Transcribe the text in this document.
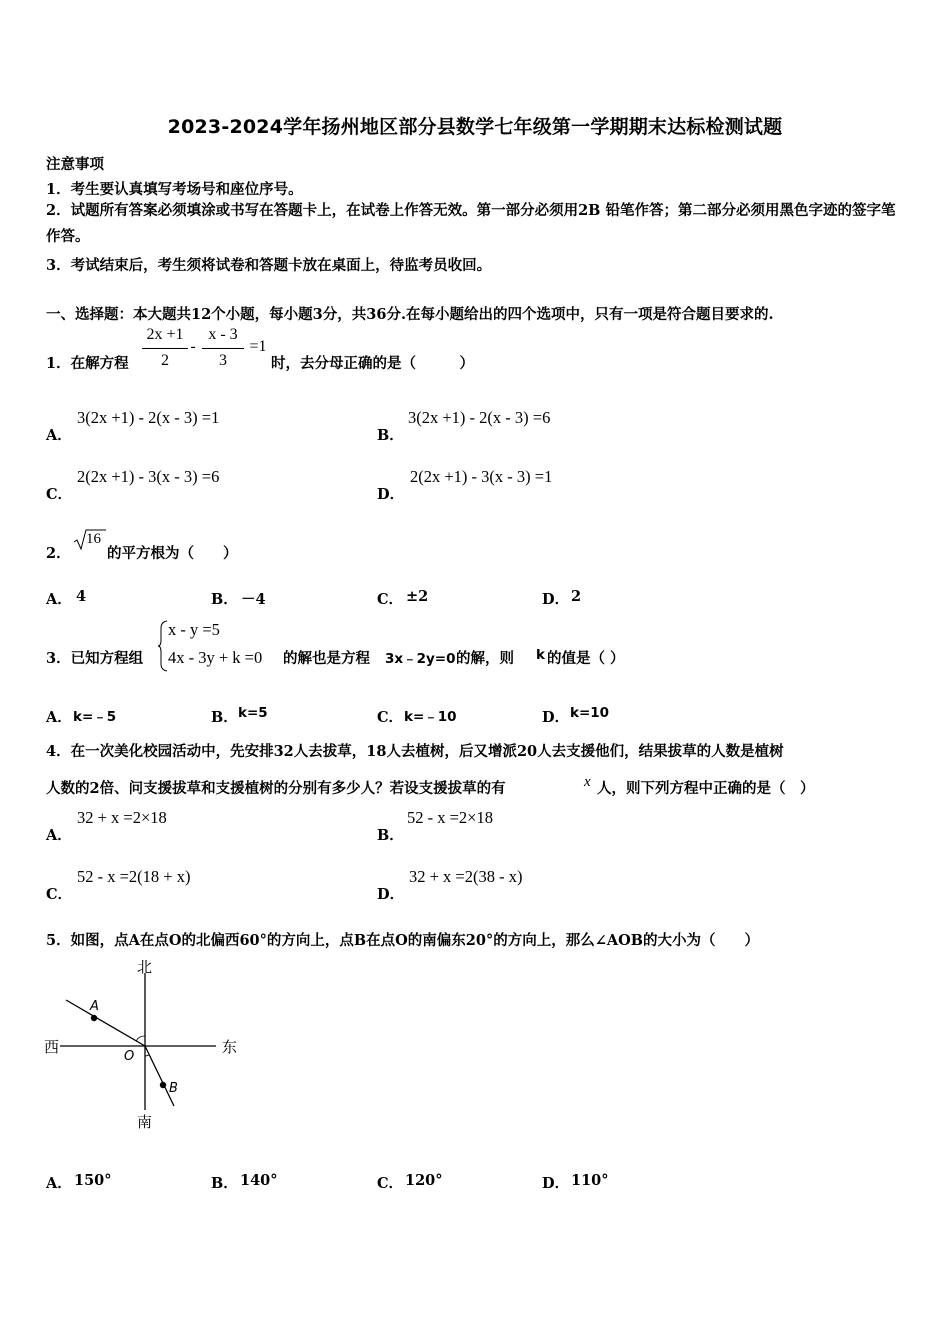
2023-2024学年扬州地区部分县数学七年级第一学期期末达标检测试题
注意事项
1．考生要认真填写考场号和座位序号。
2．试题所有答案必须填涂或书写在答题卡上，在试卷上作答无效。第一部分必须用2B 铅笔作答；第二部分必须用黑色字迹的签字笔作答。
3．考试结束后，考生须将试卷和答题卡放在桌面上，待监考员收回。
一、选择题：本大题共12个小题，每小题3分，共36分.在每小题给出的四个选项中，只有一项是符合题目要求的.
1．在解方程
2x +1
2
-
x - 3
3
=1
时，去分母正确的是（　　　）
A．
3(2x +1) - 2(x - 3) =1
B．
3(2x +1) - 2(x - 3) =6
C．
2(2x +1) - 3(x - 3) =6
D．
2(2x +1) - 3(x - 3) =1
2．
16
的平方根为（　　）
A． 4	B． －4	C． ±2	D． 2
3．已知方程组
x - y =5
4x - 3y + k =0 的解也是方程 3x﹣2y=0 的解，则 k 的值是（ ）
A． k=﹣5	B． k=5	C． k=﹣10	D． k=10
4．在一次美化校园活动中，先安排32人去拔草，18人去植树，后又增派20人去支援他们，结果拔草的人数是植树
人数的2倍、问支援拔草和支援植树的分别有多少人？若设支援拔草的有	x 人，则下列方程中正确的是（　）
A．
32 + x =2×18
B．
52 - x =2×18
C．
52 - x =2(18 + x)
D．
32 + x =2(38 - x)
5．如图，点A在点O的北偏西60°的方向上，点B在点O的南偏东20°的方向上，那么∠AOB的大小为（　　）
北
南
西	东
A
B
O
A． 150°	B． 140°	C． 120°	D． 110°
